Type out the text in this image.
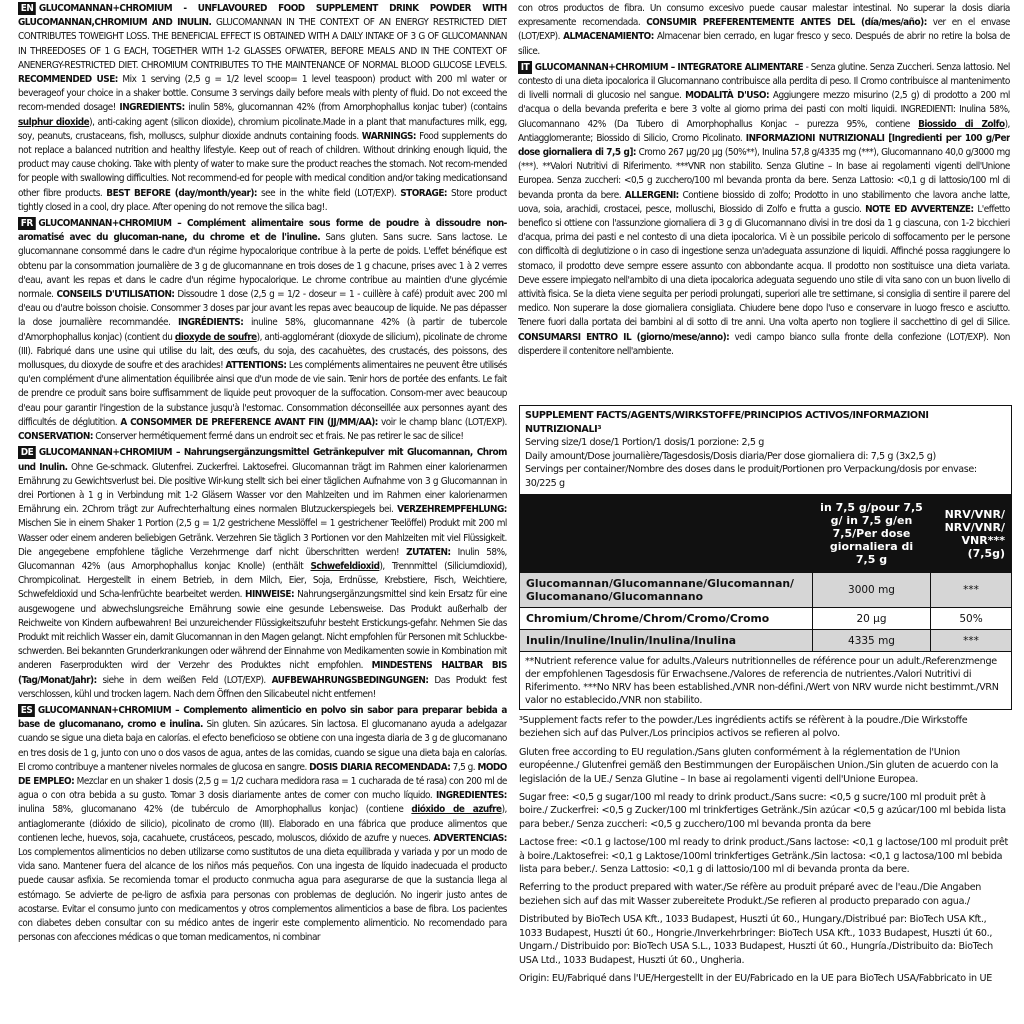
EN GLUCOMANNAN+CHROMIUM - UNFLAVOURED FOOD SUPPLEMENT DRINK POWDER WITH GLUCOMANNAN,CHROMIUM AND INULIN. GLUCOMANNAN IN THE CONTEXT OF AN ENERGY RESTRICTED DIET CONTRIBUTES TOWEIGHT LOSS. THE BENEFICIAL EFFECT IS OBTAINED WITH A DAILY INTAKE OF 3 G OF GLUCOMANNAN IN THREEDOSES OF 1 G EACH, TOGETHER WITH 1-2 GLASSES OFWATER, BEFORE MEALS AND IN THE CONTEXT OF ANENERGY-RESTRICTED DIET. CHROMIUM CONTRIBUTES TO THE MAINTENANCE OF NORMAL BLOOD GLUCOSE LEVELS. RECOMMENDED USE: Mix 1 serving (2,5 g = 1/2 level scoop= 1 level teaspoon) product with 200 ml water or beverageof your choice in a shaker bottle. Consume 3 servings daily before meals with plenty of fluid. Do not exceed the recom-mended dosage! INGREDIENTS: inulin 58%, glucomannan 42% (from Amorphophallus konjac tuber) (contains sulphur dioxide), anti-caking agent (silicon dioxide), chromium picolinate.Made in a plant that manufactures milk, egg, soy, peanuts, crustaceans, fish, molluscs, sulphur dioxide andnuts containing foods. WARNINGS: Food supplements do not replace a balanced nutrition and healthy lifestyle. Keep out of reach of children. Without drinking enough liquid, the product may cause choking. Take with plenty of water to make sure the product reaches the stomach. Not recom-mended for people with swallowing difficulties. Not recommend-ed for people with medical condition and/or taking medicationsand other fibre products. BEST BEFORE (day/month/year): see in the white field (LOT/EXP). STORAGE: Store product tightly closed in a cool, dry place. After opening do not remove the silica bag!.

FR GLUCOMANNAN+CHROMIUM – Complément alimentaire sous forme de poudre à dissoudre non-aromatisé avec du glucoman-nane, du chrome et de l'inuline. Sans gluten. Sans sucre. Sans lactose. Le glucomannane consommé dans le cadre d'un régime hypocalorique contribue à la perte de poids. L'effet bénéfique est obtenu par la consommation journalière de 3 g de glucomannane en trois doses de 1 g chacune, prises avec 1 à 2 verres d'eau, avant les repas et dans le cadre d'un régime hypocalorique. Le chrome contribue au maintien d'une glycémie normale. CONSEILS D'UTILISATION: Dissoudre 1 dose (2,5 g = 1/2 - doseur = 1 - cuillère à café) produit avec 200 ml d'eau ou d'autre boisson choisie. Consommer 3 doses par jour avant les repas avec beaucoup de liquide. Ne pas dépasser la dose journalière recommandée. INGRÉDIENTS: inuline 58%, glucomannane 42% (à partir de tubercole d'Amorphophallus konjac) (contient du dioxyde de soufre), anti-agglomérant (dioxyde de silicium), picolinate de chrome (III). Fabriqué dans une usine qui utilise du lait, des œufs, du soja, des cacahuètes, des crustacés, des poissons, des mollusques, du dioxyde de soufre et des arachides! ATTENTIONS: Les compléments alimentaires ne peuvent être utilisés qu'en complément d'une alimentation équilibrée ainsi que d'un mode de vie sain. Tenir hors de portée des enfants. Le fait de prendre ce produit sans boire suffisamment de liquide peut provoquer de la suffocation. Consom-mer avec beaucoup d'eau pour garantir l'ingestion de la substance jusqu'à l'estomac. Consommation déconseillée aux personnes ayant des difficultés de déglutition. A CONSOMMER DE PREFERENCE AVANT FIN (JJ/MM/AA): voir le champ blanc (LOT/EXP). CONSERVATION: Conserver hermétiquement fermé dans un endroit sec et frais. Ne pas retirer le sac de silice!

DE GLUCOMANNAN+CHROMIUM – Nahrungsergänzungsmittel Getränkepulver mit Glucomannan, Chrom und Inulin. Ohne Ge-schmack. Glutenfrei. Zuckerfrei. Laktosefrei. Glucomannan trägt im Rahmen einer kalorienarmen Ernährung zu Gewichtsverlust bei. Die positive Wir-kung stellt sich bei einer täglichen Aufnahme von 3 g Glucomannan in drei Portionen à 1 g in Verbindung mit 1-2 Gläsern Wasser vor den Mahlzeiten und im Rahmen einer kalorienarmen Ernährung ein. 2Chrom trägt zur Aufrechterhaltung eines normalen Blutzuckerspiegels bei. VERZEHREMPFEHLUNG: Mischen Sie in einem Shaker 1 Portion (2,5 g = 1/2 gestrichene Messlöffel = 1 gestrichener Teelöffel) Produkt mit 200 ml Wasser oder einem anderen beliebigen Getränk. Verzehren Sie täglich 3 Portionen vor den Mahlzeiten mit viel Flüssigkeit. Die angegebene empfohlene tägliche Verzehrmenge darf nicht überschritten werden! ZUTATEN: Inulin 58%, Glucomannan 42% (aus Amorphophallus konjac Knolle) (enthält Schwefeldioxid), Trennmittel (Siliciumdioxid), Chrompicolinat. Hergestellt in einem Betrieb, in dem Milch, Eier, Soja, Erdnüsse, Krebstiere, Fisch, Weichtiere, Schwefeldioxid und Scha-lenfrüchte bearbeitet werden. HINWEISE: Nahrungsergänzungsmittel sind kein Ersatz für eine ausgewogene und abwechslungsreiche Ernährung sowie eine gesunde Lebensweise. Das Produkt außerhalb der Reichweite von Kindern aufbewahren! Bei unzureichender Flüssigkeitszufuhr besteht Erstickungs-gefahr. Nehmen Sie das Produkt mit reichlich Wasser ein, damit Glucomannan in den Magen gelangt. Nicht empfohlen für Personen mit Schluckbe-schwerden. Bei bekannten Grunderkrankungen oder während der Einnahme von Medikamenten sowie in Kombination mit anderen Faserprodukten wird der Verzehr des Produktes nicht empfohlen. MINDESTENS HALTBAR BIS (Tag/Monat/Jahr): siehe in dem weißen Feld (LOT/EXP). AUFBEWAHRUNGSBEDINGUNGEN: Das Produkt fest verschlossen, kühl und trocken lagern. Nach dem Öffnen den Silicabeutel nicht entfernen!

ES GLUCOMANNAN+CHROMIUM – Complemento alimenticio en polvo sin sabor para preparar bebida a base de glucomanano, cromo e inulina. Sin gluten. Sin azúcares. Sin lactosa. El glucomanano ayuda a adelgazar cuando se sigue una dieta baja en calorías. el efecto beneficioso se obtiene con una ingesta diaria de 3 g de glucomanano en tres dosis de 1 g, junto con uno o dos vasos de agua, antes de las comidas, cuando se sigue una dieta baja en calorías. El cromo contribuye a mantener niveles normales de glucosa en sangre. DOSIS DIARIA RECOMENDADA: 7,5 g. MODO DE EMPLEO: Mezclar en un shaker 1 dosis (2,5 g = 1/2 cuchara medidora rasa = 1 cucharada de té rasa) con 200 ml de agua o con otra bebida a su gusto. Tomar 3 dosis diariamente antes de comer con mucho líquido. INGREDIENTES: inulina 58%, glucomanano 42% (de tubérculo de Amorphophallus konjac) (contiene dióxido de azufre), antiaglomerante (dióxido de silicio), picolinato de cromo (III). Elaborado en una fábrica que produce alimentos que contienen leche, huevos, soja, cacahuete, crustáceos, pescado, moluscos, dióxido de azufre y nueces. ADVERTENCIAS: Los complementos alimenticios no deben utilizarse como sustitutos de una dieta equilibrada y variada y por un modo de vida sano. Mantener fuera del alcance de los niños más pequeños. Con una ingesta de líquido inadecuada el producto puede causar asfixia. Se recomienda tomar el producto conmucha agua para asegurarse de que la sustancia llega al estómago. Se advierte de pe-ligro de asfixia para personas con problemas de deglución. No ingerir justo antes de acostarse. Evitar el consumo junto con medicamentos y otros complementos alimenticios a base de fibra. Los pacientes con diabetes deben consultar con su médico antes de ingerir este complemento alimenticio. No recomendado para personas con afecciones médicas o que toman medicamentos, ni combinar

con otros productos de fibra. Un consumo excesivo puede causar malestar intestinal. No superar la dosis diaria expresamente recomendada. CONSUMIR PREFERENTEMENTE ANTES DEL (día/mes/año): ver en el envase (LOT/EXP). ALMACENAMIENTO: Almacenar bien cerrado, en lugar fresco y seco. Después de abrir no retire la bolsa de sílice.

IT GLUCOMANNAN+CHROMIUM – INTEGRATORE ALIMENTARE - Senza glutine. Senza Zuccheri. Senza lattosio. Nel contesto di una dieta ipocalorica il Glucomannano contribuisce alla perdita di peso. Il Cromo contribuisce al mantenimento di livelli normali di glucosio nel sangue. MODALITÀ D'USO: Aggiungere mezzo misurino (2,5 g) di prodotto a 200 ml d'acqua o della bevanda preferita e bere 3 volte al giorno prima dei pasti con molti liquidi. INGREDIENTI: Inulina 58%, Glucomannano 42% (Da Tubero di Amorphophallus Konjac – purezza 95%, contiene Biossido di Zolfo), Antiagglomerante; Biossido di Silicio, Cromo Picolinato. INFORMAZIONI NUTRIZIONALI [Ingredienti per 100 g/Per dose giornaliera di 7,5 g]: Cromo 267 µg/20 µg (50%**), Inulina 57,8 g/4335 mg (***), Glucomannano 40,0 g/3000 mg (***). **Valori Nutritivi di Riferimento. ***VNR non stabilito. Senza Glutine – In base ai regolamenti vigenti dell'Unione Europea. Senza zuccheri: <0,5 g zucchero/100 ml bevanda pronta da bere. Senza Lattosio: <0,1 g di lattosio/100 ml di bevanda pronta da bere. ALLERGENI: Contiene biossido di zolfo; Prodotto in uno stabilimento che lavora anche latte, uova, soia, arachidi, crostacei, pesce, molluschi, Biossido di Zolfo e frutta a guscio. NOTE ED AVVERTENZE: L'effetto benefico si ottiene con l'assunzione giornaliera di 3 g di Glucomannano divisi in tre dosi da 1 g ciascuna, con 1-2 bicchieri d'acqua, prima dei pasti e nel contesto di una dieta ipocalorica. Vi è un possibile pericolo di soffocamento per le persone con difficoltà di deglutizione o in caso di ingestione senza un'adeguata assunzione di liquidi. Affinché possa raggiungere lo stomaco, il prodotto deve sempre essere assunto con abbondante acqua. Il prodotto non sostituisce una dieta variata. Deve essere impiegato nell'ambito di una dieta ipocalorica adeguata seguendo uno stile di vita sano con un buon livello di attività fisica. Se la dieta viene seguita per periodi prolungati, superiori alle tre settimane, si consiglia di sentire il parere del medico. Non superare la dose giornaliera consigliata. Chiudere bene dopo l'uso e conservare in luogo fresco e asciutto. Tenere fuori dalla portata dei bambini al di sotto di tre anni. Una volta aperto non togliere il sacchettino di gel di Silice. CONSUMARSI ENTRO IL (giorno/mese/anno): vedi campo bianco sulla fronte della confezione (LOT/EXP). Non disperdere il contenitore nell'ambiente.

SUPPLEMENT FACTS/AGENTS/WIRKSTOFFE/PRINCIPIOS ACTIVOS/INFORMAZIONI NUTRIZIONALI³
Serving size/1 dose/1 Portion/1 dosis/1 porzione: 2,5 g
Daily amount/Dose journalière/Tagesdosis/Dosis diaria/Per dose giornaliera di: 7,5 g (3x2,5 g)
Servings per container/Nombre des doses dans le produit/Portionen pro Verpackung/dosis por envase: 30/225 g
	in 7,5 g/pour 7,5 g/ in 7,5 g/en 7,5/Per dose giornaliera di 7,5 g	NRV/VNR/ NRV/VNR/ VNR*** (7,5g)
Glucomannan/Glucomannane/Glucomannan/ Glucomanano/Glucomannano	3000 mg	***
Chromium/Chrome/Chrom/Cromo/Cromo	20 µg	50%
Inulin/Inuline/Inulin/Inulina/Inulina	4335 mg	***
**Nutrient reference value for adults./Valeurs nutritionnelles de référence pour un adult./Referenzmenge der empfohlenen Tagesdosis für Erwachsene./Valores de referencia de nutrientes./Valori Nutritivi di Riferimento. ***No NRV has been established./VNR non-défini./Wert von NRV wurde nicht bestimmt./VRN valor no establecido./VNR non stabilito.

³Supplement facts refer to the powder./Les ingrédients actifs se réfèrent à la poudre./Die Wirkstoffe beziehen sich auf das Pulver./Los principios activos se refieren al polvo.

Gluten free according to EU regulation./Sans gluten conformément à la réglementation de l'Union européenne./ Glutenfrei gemäß den Bestimmungen der Europäischen Union./Sin gluten de acuerdo con la legislación de la UE./ Senza Glutine – In base ai regolamenti vigenti dell'Unione Europea.

Sugar free: <0,5 g sugar/100 ml ready to drink product./Sans sucre: <0,5 g sucre/100 ml produit prêt à boire./ Zuckerfrei: <0,5 g Zucker/100 ml trinkfertiges Getränk./Sin azúcar <0,5 g azúcar/100 ml bebida lista para beber./ Senza zuccheri: <0,5 g zucchero/100 ml bevanda pronta da bere

Lactose free: <0.1 g lactose/100 ml ready to drink product./Sans lactose: <0,1 g lactose/100 ml produit prêt à boire./Laktosefrei: <0,1 g Laktose/100ml trinkfertiges Getränk./Sin lactosa: <0,1 g lactosa/100 ml bebida lista para beber./. Senza Lattosio: <0,1 g di lattosio/100 ml di bevanda pronta da bere.

Referring to the product prepared with water./Se réfère au produit préparé avec de l'eau./Die Angaben beziehen sich auf das mit Wasser zubereitete Produkt./Se refieren al producto preparado con agua./

Distributed by BioTech USA Kft., 1033 Budapest, Huszti út 60., Hungary./Distribué par: BioTech USA Kft., 1033 Budapest, Huszti út 60., Hongrie./Inverkehrbringer: BioTech USA Kft., 1033 Budapest, Huszti út 60., Ungarn./ Distribuido por: BioTech USA S.L., 1033 Budapest, Huszti út 60., Hungría./Distribuito da: BioTech USA Ltd., 1033 Budapest, Huszti út 60., Ungheria.

Origin: EU/Fabriqué dans l'UE/Hergestellt in der EU/Fabricado en la UE para BioTech USA/Fabbricato in UE
